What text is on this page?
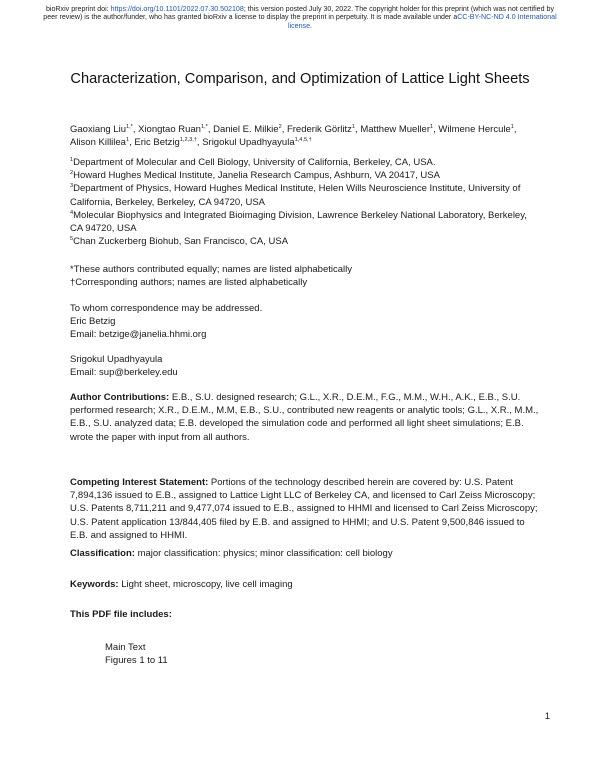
bioRxiv preprint doi: https://doi.org/10.1101/2022.07.30.502108; this version posted July 30, 2022. The copyright holder for this preprint (which was not certified by peer review) is the author/funder, who has granted bioRxiv a license to display the preprint in perpetuity. It is made available under aCC-BY-NC-ND 4.0 International license.
Characterization, Comparison, and Optimization of Lattice Light Sheets
Gaoxiang Liu$^{1,*}$, Xiongtao Ruan$^{1,*}$, Daniel E. Milkie$^2$, Frederik Görlitz$^1$, Matthew Mueller$^1$, Wilmene Hercule$^1$, Alison Killilea$^1$, Eric Betzig$^{1,2,3,\dagger}$, Srigokul Upadhyayula$^{1,4,5,\dagger}$

$^1$Department of Molecular and Cell Biology, University of California, Berkeley, CA, USA.

$^2$Howard Hughes Medical Institute, Janelia Research Campus, Ashburn, VA 20417, USA

$^3$Department of Physics, Howard Hughes Medical Institute, Helen Wills Neuroscience Institute, University of California, Berkeley, Berkeley, CA 94720, USA

$^4$Molecular Biophysics and Integrated Bioimaging Division, Lawrence Berkeley National Laboratory, Berkeley, CA 94720, USA

$^5$Chan Zuckerberg Biohub, San Francisco, CA, USA

*These authors contributed equally; names are listed alphabetically

†Corresponding authors; names are listed alphabetically

To whom correspondence may be addressed.

Eric Betzig

Email: betzige@janelia.hhmi.org

Srigokul Upadhyayula

Email: sup@berkeley.edu

Author Contributions: E.B., S.U. designed research; G.L., X.R., D.E.M., F.G., M.M., W.H., A.K., E.B., S.U. performed research; X.R., D.E.M., M.M, E.B., S.U., contributed new reagents or analytic tools; G.L., X.R., M.M., E.B., S.U. analyzed data; E.B. developed the simulation code and performed all light sheet simulations; E.B. wrote the paper with input from all authors.
Competing Interest Statement: Portions of the technology described herein are covered by: U.S. Patent 7,894,136 issued to E.B., assigned to Lattice Light LLC of Berkeley CA, and licensed to Carl Zeiss Microscopy; U.S. Patents 8,711,211 and 9,477,074 issued to E.B., assigned to HHMI and licensed to Carl Zeiss Microscopy; U.S. Patent application 13/844,405 filed by E.B. and assigned to HHMI; and U.S. Patent 9,500,846 issued to E.B. and assigned to HHMI.
Classification: major classification: physics; minor classification: cell biology
Keywords: Light sheet, microscopy, live cell imaging
This PDF file includes:
Main Text
Figures 1 to 11
1
